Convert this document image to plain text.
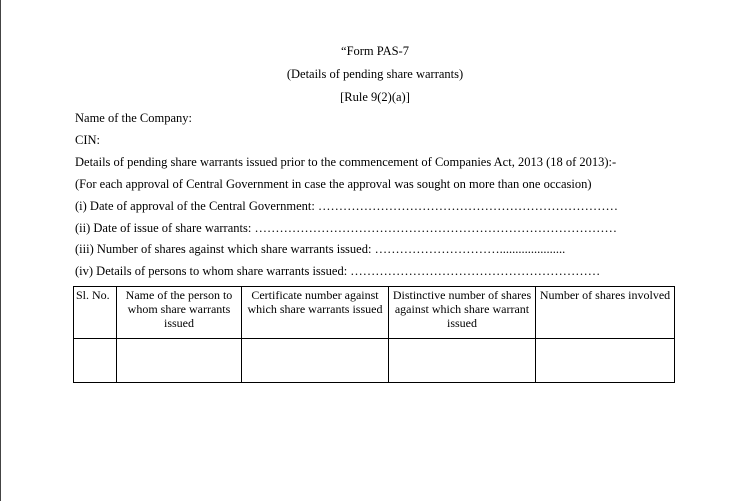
“Form PAS-7
(Details of pending share warrants)
[Rule 9(2)(a)]
Name of the Company:
CIN:
Details of pending share warrants issued prior to the commencement of Companies Act, 2013 (18 of 2013):-
(For each approval of Central Government in case the approval was sought on more than one occasion)
(i) Date of approval of the Central Government: ………………………………………………………………
(ii) Date of issue of share warrants: ……………………………………………………………………………
(iii) Number of shares against which share warrants issued: ………………………….....................
(iv) Details of persons to whom share warrants issued: ……………………………………………………
Sl. No.	Name of the person to whom share warrants issued	Certificate number against which share warrants issued	Distinctive number of shares against which share warrant issued	Number of shares involved
